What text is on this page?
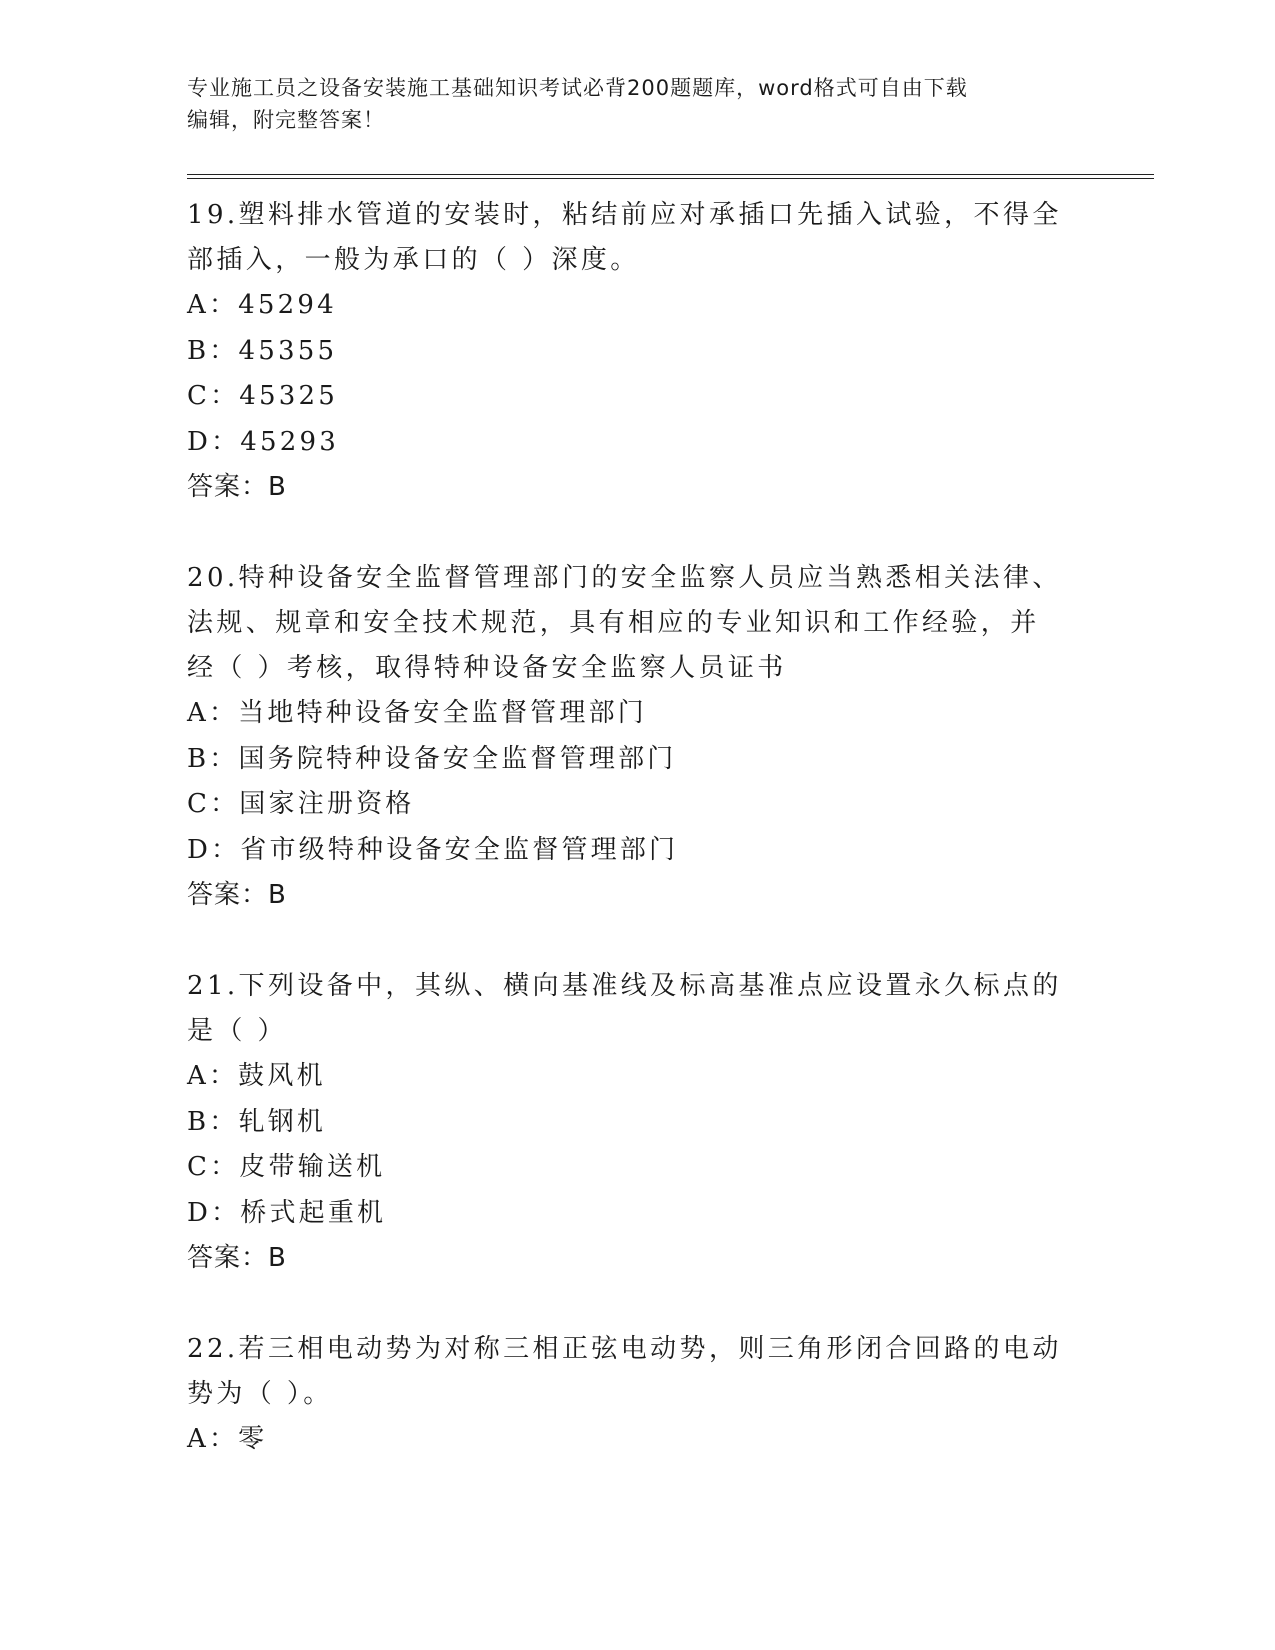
专业施工员之设备安装施工基础知识考试必背200题题库，word格式可自由下载
编辑，附完整答案！

19.塑料排水管道的安装时，粘结前应对承插口先插入试验，不得全部插入，一般为承口的（ ）深度。

A：45294

B：45355

C：45325

D：45293

答案：B

20.特种设备安全监督管理部门的安全监察人员应当熟悉相关法律、法规、规章和安全技术规范，具有相应的专业知识和工作经验，并经（ ）考核，取得特种设备安全监察人员证书

A：当地特种设备安全监督管理部门

B：国务院特种设备安全监督管理部门

C：国家注册资格

D：省市级特种设备安全监督管理部门

答案：B

21.下列设备中，其纵、横向基准线及标高基准点应设置永久标点的是（ ）

A：鼓风机

B：轧钢机

C：皮带输送机

D：桥式起重机

答案：B

22.若三相电动势为对称三相正弦电动势，则三角形闭合回路的电动势为（ ）。

A：零
